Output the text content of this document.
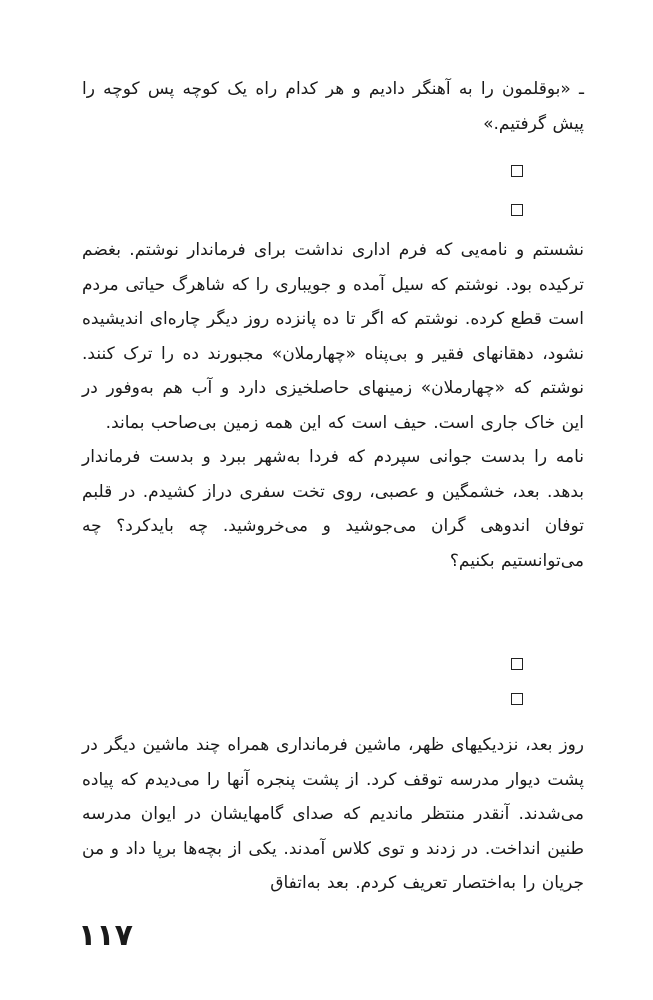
ـ «بوقلمون را به آهنگر دادیم و هر کدام راه یک کوچه پس کوچه را پیش گرفتیم.»

نشستم و نامه‌یی که فرم اداری نداشت برای فرماندار نوشتم. بغضم ترکیده بود. نوشتم که سیل آمده و جویباری را که شاهرگ حیاتی مردم است قطع کرده. نوشتم که اگر تا ده پانزده روز دیگر چاره‌ای اندیشیده نشود، دهقانهای فقیر و بی‌پناه «چهارملان» مجبورند ده را ترک کنند. نوشتم که «چهارملان» زمینهای حاصلخیزی دارد و آب هم به‌وفور در این خاک جاری است. حیف است که این همه زمین بی‌صاحب بماند.

نامه را بدست جوانی سپردم که فردا به‌شهر ببرد و بدست فرماندار بدهد. بعد، خشمگین و عصبی، روی تخت سفری دراز کشیدم. در قلبم توفان اندوهی گران می‌جوشید و می‌خروشید. چه بایدکرد؟ چه می‌توانستیم بکنیم؟

روز بعد، نزدیکیهای ظهر، ماشین فرمانداری همراه چند ماشین دیگر در پشت دیوار مدرسه توقف کرد. از پشت پنجره آنها را می‌دیدم که پیاده می‌شدند. آنقدر منتظر ماندیم که صدای گامهایشان در ایوان مدرسه طنین انداخت. در زدند و توی کلاس آمدند. یکی از بچه‌ها برپا داد و من جریان را به‌اختصار تعریف کردم. بعد به‌اتفاق

۱۱۷
